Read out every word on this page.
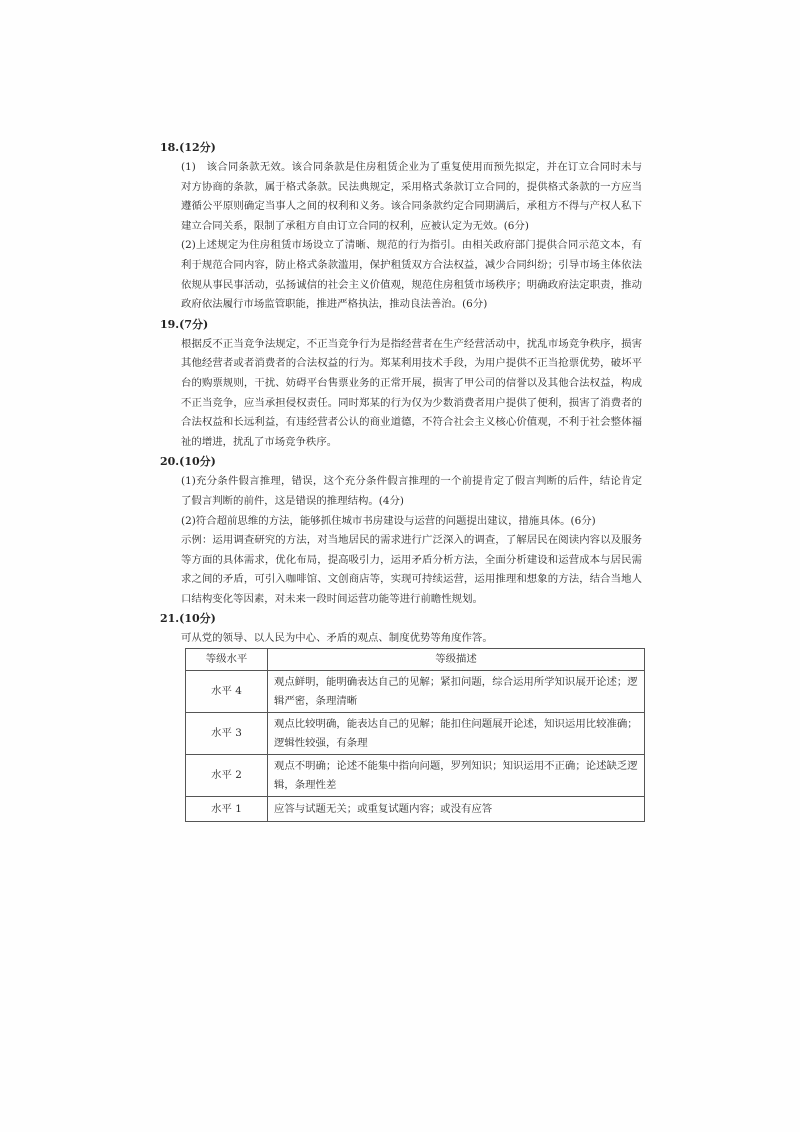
18.(12分)

(1)　该合同条款无效。该合同条款是住房租赁企业为了重复使用而预先拟定，并在订立合同时未与对方协商的条款，属于格式条款。民法典规定，采用格式条款订立合同的，提供格式条款的一方应当遵循公平原则确定当事人之间的权利和义务。该合同条款约定合同期满后，承租方不得与产权人私下建立合同关系，限制了承租方自由订立合同的权利，应被认定为无效。(6分)

(2)上述规定为住房租赁市场设立了清晰、规范的行为指引。由相关政府部门提供合同示范文本，有利于规范合同内容，防止格式条款滥用，保护租赁双方合法权益，减少合同纠纷；引导市场主体依法依规从事民事活动，弘扬诚信的社会主义价值观，规范住房租赁市场秩序；明确政府法定职责，推动政府依法履行市场监管职能，推进严格执法，推动良法善治。(6分)

19.(7分)

根据反不正当竞争法规定，不正当竞争行为是指经营者在生产经营活动中，扰乱市场竞争秩序，损害其他经营者或者消费者的合法权益的行为。郑某利用技术手段，为用户提供不正当抢票优势，破坏平台的购票规则，干扰、妨碍平台售票业务的正常开展，损害了甲公司的信誉以及其他合法权益，构成不正当竞争，应当承担侵权责任。同时郑某的行为仅为少数消费者用户提供了便利，损害了消费者的合法权益和长远利益，有违经营者公认的商业道德，不符合社会主义核心价值观，不利于社会整体福祉的增进，扰乱了市场竞争秩序。

20.(10分)

(1)充分条件假言推理，错误，这个充分条件假言推理的一个前提肯定了假言判断的后件，结论肯定了假言判断的前件，这是错误的推理结构。(4分)

(2)符合超前思维的方法，能够抓住城市书房建设与运营的问题提出建议，措施具体。(6分)

示例：运用调查研究的方法，对当地居民的需求进行广泛深入的调查，了解居民在阅读内容以及服务等方面的具体需求，优化布局，提高吸引力，运用矛盾分析方法，全面分析建设和运营成本与居民需求之间的矛盾，可引入咖啡馆、文创商店等，实现可持续运营，运用推理和想象的方法，结合当地人口结构变化等因素，对未来一段时间运营功能等进行前瞻性规划。

21.(10分)

可从党的领导、以人民为中心、矛盾的观点、制度优势等角度作答。

等级水平	等级描述
水平 4	观点鲜明，能明确表达自己的见解；紧扣问题，综合运用所学知识展开论述；逻辑严密，条理清晰
水平 3	观点比较明确，能表达自己的见解；能扣住问题展开论述，知识运用比较准确；逻辑性较强，有条理
水平 2	观点不明确；论述不能集中指向问题，罗列知识；知识运用不正确；论述缺乏逻辑，条理性差
水平 1	应答与试题无关；或重复试题内容；或没有应答
